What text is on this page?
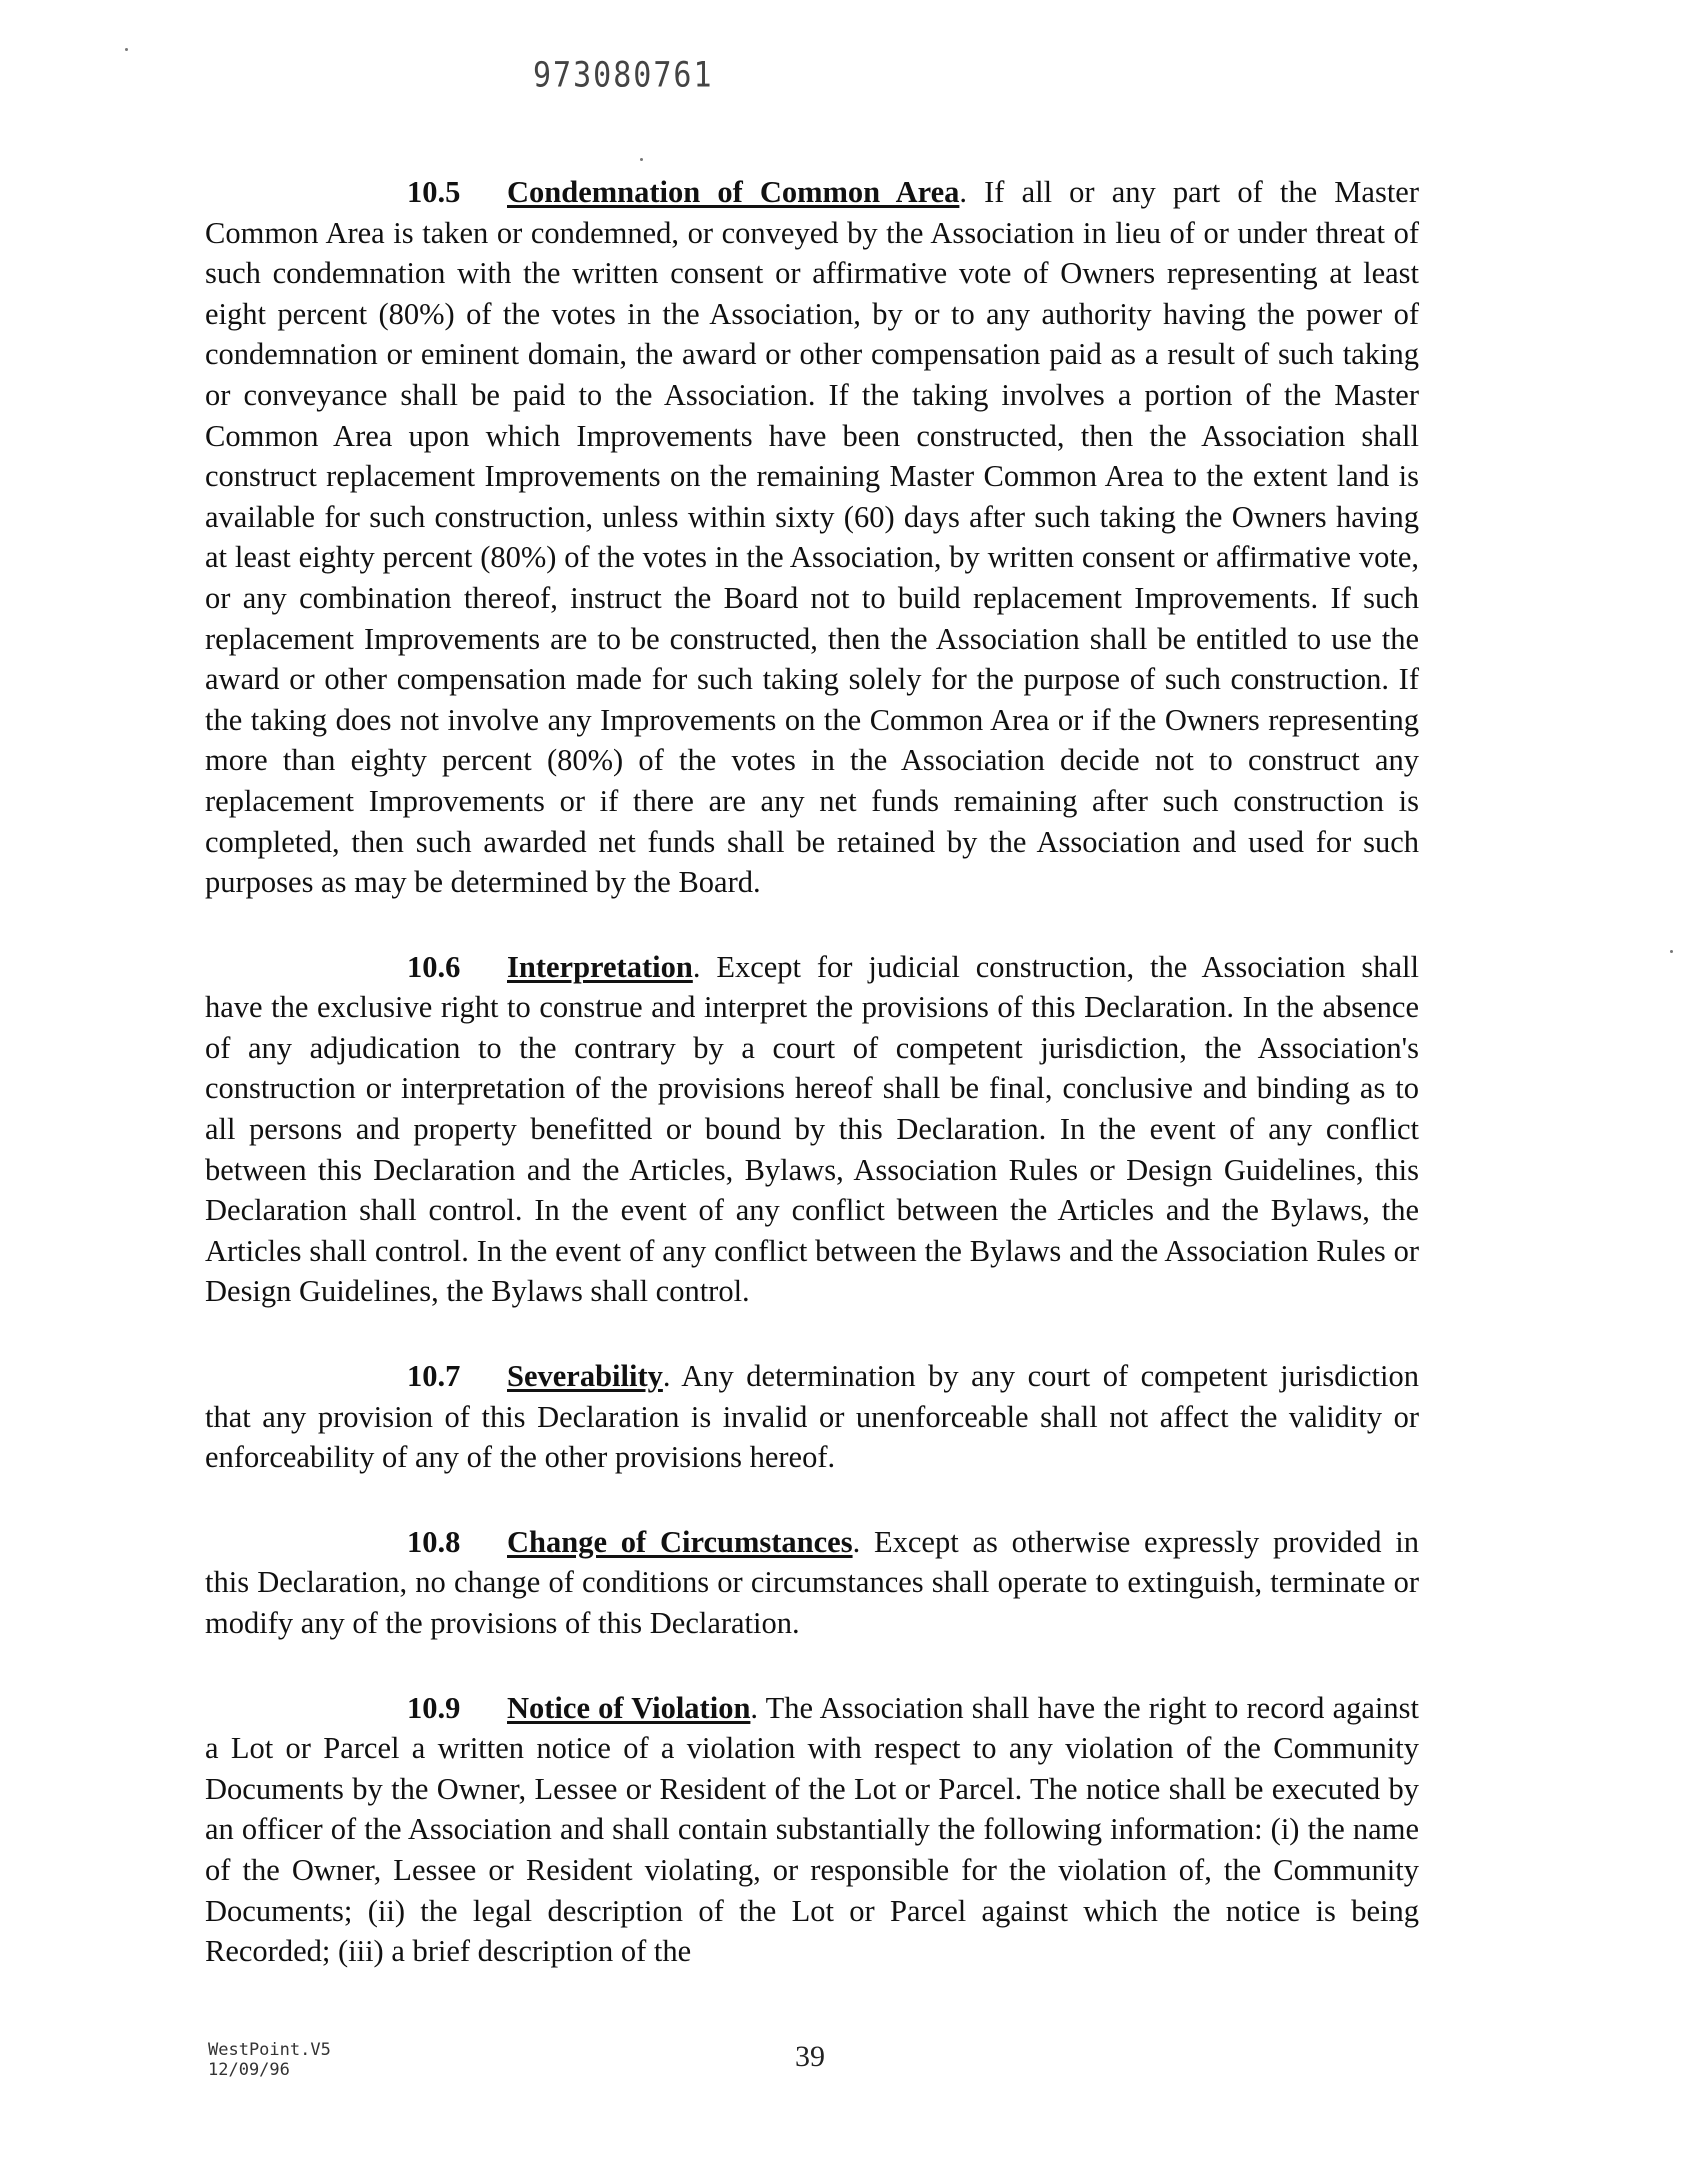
973080761

10.5 Condemnation of Common Area. If all or any part of the Master Common Area is taken or condemned, or conveyed by the Association in lieu of or under threat of such condemnation with the written consent or affirmative vote of Owners representing at least eight percent (80%) of the votes in the Association, by or to any authority having the power of condemnation or eminent domain, the award or other compensation paid as a result of such taking or conveyance shall be paid to the Association. If the taking involves a portion of the Master Common Area upon which Improvements have been constructed, then the Association shall construct replacement Improvements on the remaining Master Common Area to the extent land is available for such construction, unless within sixty (60) days after such taking the Owners having at least eighty percent (80%) of the votes in the Association, by written consent or affirmative vote, or any combination thereof, instruct the Board not to build replacement Improvements. If such replacement Improvements are to be constructed, then the Association shall be entitled to use the award or other compensation made for such taking solely for the purpose of such construction. If the taking does not involve any Improvements on the Common Area or if the Owners representing more than eighty percent (80%) of the votes in the Association decide not to construct any replacement Improvements or if there are any net funds remaining after such construction is completed, then such awarded net funds shall be retained by the Association and used for such purposes as may be determined by the Board.

10.6 Interpretation. Except for judicial construction, the Association shall have the exclusive right to construe and interpret the provisions of this Declaration. In the absence of any adjudication to the contrary by a court of competent jurisdiction, the Association's construction or interpretation of the provisions hereof shall be final, conclusive and binding as to all persons and property benefitted or bound by this Declaration. In the event of any conflict between this Declaration and the Articles, Bylaws, Association Rules or Design Guidelines, this Declaration shall control. In the event of any conflict between the Articles and the Bylaws, the Articles shall control. In the event of any conflict between the Bylaws and the Association Rules or Design Guidelines, the Bylaws shall control.

10.7 Severability. Any determination by any court of competent jurisdiction that any provision of this Declaration is invalid or unenforceable shall not affect the validity or enforceability of any of the other provisions hereof.

10.8 Change of Circumstances. Except as otherwise expressly provided in this Declaration, no change of conditions or circumstances shall operate to extinguish, terminate or modify any of the provisions of this Declaration.

10.9 Notice of Violation. The Association shall have the right to record against a Lot or Parcel a written notice of a violation with respect to any violation of the Community Documents by the Owner, Lessee or Resident of the Lot or Parcel. The notice shall be executed by an officer of the Association and shall contain substantially the following information: (i) the name of the Owner, Lessee or Resident violating, or responsible for the violation of, the Community Documents; (ii) the legal description of the Lot or Parcel against which the notice is being Recorded; (iii) a brief description of the

WestPoint.V5
12/09/96	39
